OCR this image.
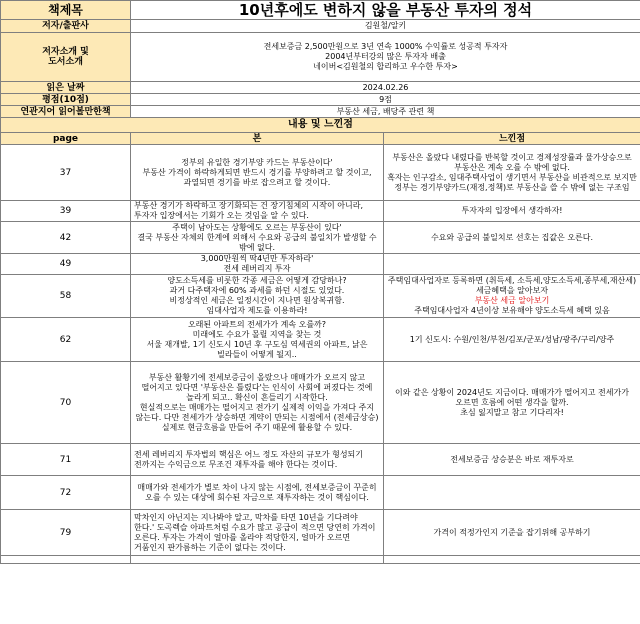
책제목	10년후에도 변하지 않을 부동산 투자의 정석	
저자/출판사	김원철/알키	

저자소개 및
도서소개	전세보증금 2,500만원으로 3년 연속 1000% 수익률로 성공적 투자자
2004년부터강의 많은 투자자 배출
네이버<김원철의 합리하고 우수한 투자>	

읽은 날짜	2024.02.26	
평점(10점)	9점	
연관지어 읽어볼만한책	부동산 세금, 배당주 관련 책	
내용 및 느낀점		
page	본	느낀점
37	정부의 유일한 경기부양 카드는 부동산이다'
부동산 가격이 하락하게되면 반드시 경기를 부양하려고 할 것이고, 과열되면 경기를 바로 잡으려고 할 것이다.	부동산은 올랐다 내렸다를 반복할 것이고 경제성장률과 물가상승으로 부동산은 계속 오를 수 밖에 없다.
혹자는 인구감소, 임대주택사업이 생기면서 부동산을 비관적으로 보지만 정부는 경기부양카드(재정,정책)로 부동산을 쓸 수 밖에 없는 구조임

39	부동산 경기가 하락하고 장기화되는 건 장기침체의 시작이 아니라, 투자자 입장에서는 기회가 오는 것임을 알 수 있다.	투자자의 입장에서 생각하자!

42	주택이 남아도는 상황에도 오르는 부동산이 있다'
결국 부동산 자체의 한계에 의해서 수요와 공급의 불일치가 발생할 수 밖에 없다.	수요와 공급의 불일치로 선호는 집값은 오른다.

49	3,000만원씩 딱4년만 투자하라'
전세 레버리지 투자	

58	양도소득세를 비롯한 각종 세금은 어떻게 감당하나?
과거 다주택자에 60% 과세를 하던 시절도 있었다.
비정상적인 세금은 일정시간이 지나면 원상복귀함.
임대사업자 제도를 이용하라!	주택임대사업자로 등록하면 (취득세, 소득세,양도소득세,종부세,재산세) 세금혜택을 알아보자
부동산 세금 알아보기
주택임대사업자 4년이상 보유해야 양도소득세 혜택 있음

62	오래된 아파트의 전세가가 계속 오를까?
미래에도 수요가 몰릴 지역을 찾는 것
서울 재개발, 1기 신도시 10년 후 구도심 역세권의 아파트, 낡은 빌라들이 어떻게 될지..	1기 신도시: 수원/인천/부천/김포/군포/성남/광주/구리/양주

70	부동산 활황기에 전세보증금이 올랐으나 매매가가 오르지 않고 떨어지고 있다면 '부동산은 틀렸다'는 인식이 사회에 퍼졌다는 것에 놀라게 되고.. 확신이 흔들리기 시작한다.
현실적으로는 매매가는 떨어지고 전가기 실제적 이익을 가져다 주지 않는다. 다만 전세가가 상승하면 계약이 만되는 시점에서 (전세금상승) 실제로 현금흐름을 만들어 주기 때문에 활용할 수 있다.	이와 같은 상황이 2024년도 지금이다. 매매가가 떨어지고 전세가가 오르면 흐름에 어떤 생각을 할까.
초심 잃지말고 참고 기다리자!

71	전세 레버리지 투자법의 핵심은 어느 정도 자산의 규모가 형성되기 전까지는 수익금으로 무조건 재투자를 해야 한다는 것이다.	전세보증금 상승분은 바로 재투자로

72	매매가와 전세가가 별로 차이 나지 않는 시점에, 전세보증금이 꾸준히 오를 수 있는 대상에 회수된 자금으로 재투자하는 것이 핵심이다.	

79	막차인지 아닌지는 지나봐야 알고, 막차를 타면 10년을 기다려야 한다.' 도곡렉슬 아파트처럼 수요가 많고 공급이 적으면 당연히 가격이 오른다. 투자는 가격이 얼마를 올라야 적당한지, 얼마가 오르면 거품인지 판가름하는 기준이 없다는 것이다.	가격이 적정가인지 기준을 잡기위해 공부하기
